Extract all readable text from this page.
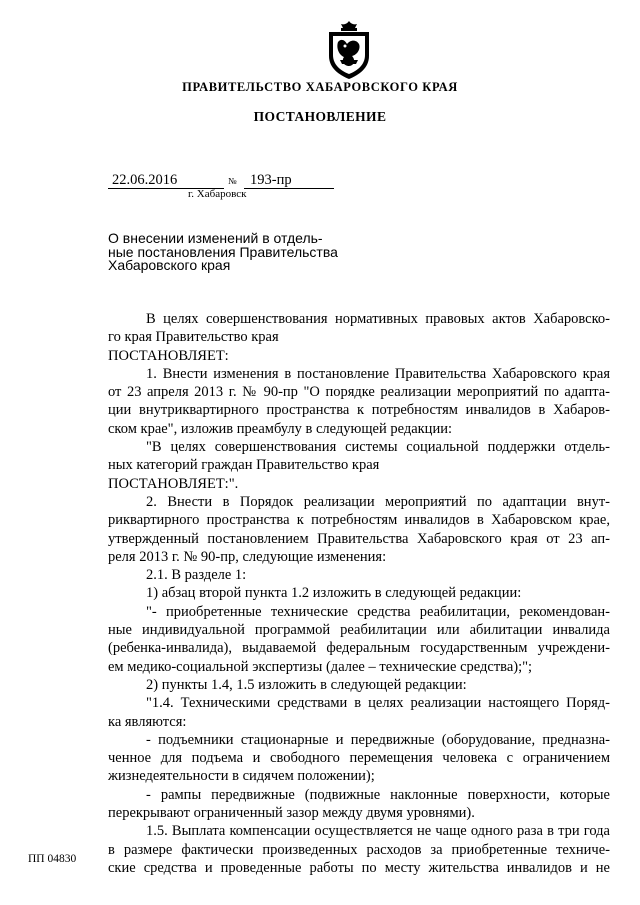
ПРАВИТЕЛЬСТВО ХАБАРОВСКОГО КРАЯ
ПОСТАНОВЛЕНИЕ
22.06.2016	№ 193-пр
г. Хабаровск
О внесении изменений в отдель-
ные постановления Правительства
Хабаровского края
В целях совершенствования нормативных правовых актов Хабаровско-
го края Правительство края
ПОСТАНОВЛЯЕТ:
1. Внести изменения в постановление Правительства Хабаровского края
от 23 апреля 2013 г. № 90-пр "О порядке реализации мероприятий по адапта-
ции внутриквартирного пространства к потребностям инвалидов в Хабаров-
ском крае", изложив преамбулу в следующей редакции:
"В целях совершенствования системы социальной поддержки отдель-
ных категорий граждан Правительство края
ПОСТАНОВЛЯЕТ:".
2. Внести в Порядок реализации мероприятий по адаптации внут-
риквартирного пространства к потребностям инвалидов в Хабаровском крае,
утвержденный постановлением Правительства Хабаровского края от 23 ап-
реля 2013 г. № 90-пр, следующие изменения:
2.1. В разделе 1:
1) абзац второй пункта 1.2 изложить в следующей редакции:
"- приобретенные технические средства реабилитации, рекомендован-
ные индивидуальной программой реабилитации или абилитации инвалида
(ребенка-инвалида), выдаваемой федеральным государственным учреждени-
ем медико-социальной экспертизы (далее – технические средства);";
2) пункты 1.4, 1.5 изложить в следующей редакции:
"1.4. Техническими средствами в целях реализации настоящего Поряд-
ка являются:
- подъемники стационарные и передвижные (оборудование, предназна-
ченное для подъема и свободного перемещения человека с ограничением
жизнедеятельности в сидячем положении);
- рампы передвижные (подвижные наклонные поверхности, которые
перекрывают ограниченный зазор между двумя уровнями).
1.5. Выплата компенсации осуществляется не чаще одного раза в три года
в размере фактически произведенных расходов за приобретенные техниче-
ские средства и проведенные работы по месту жительства инвалидов и не
ПП 04830
